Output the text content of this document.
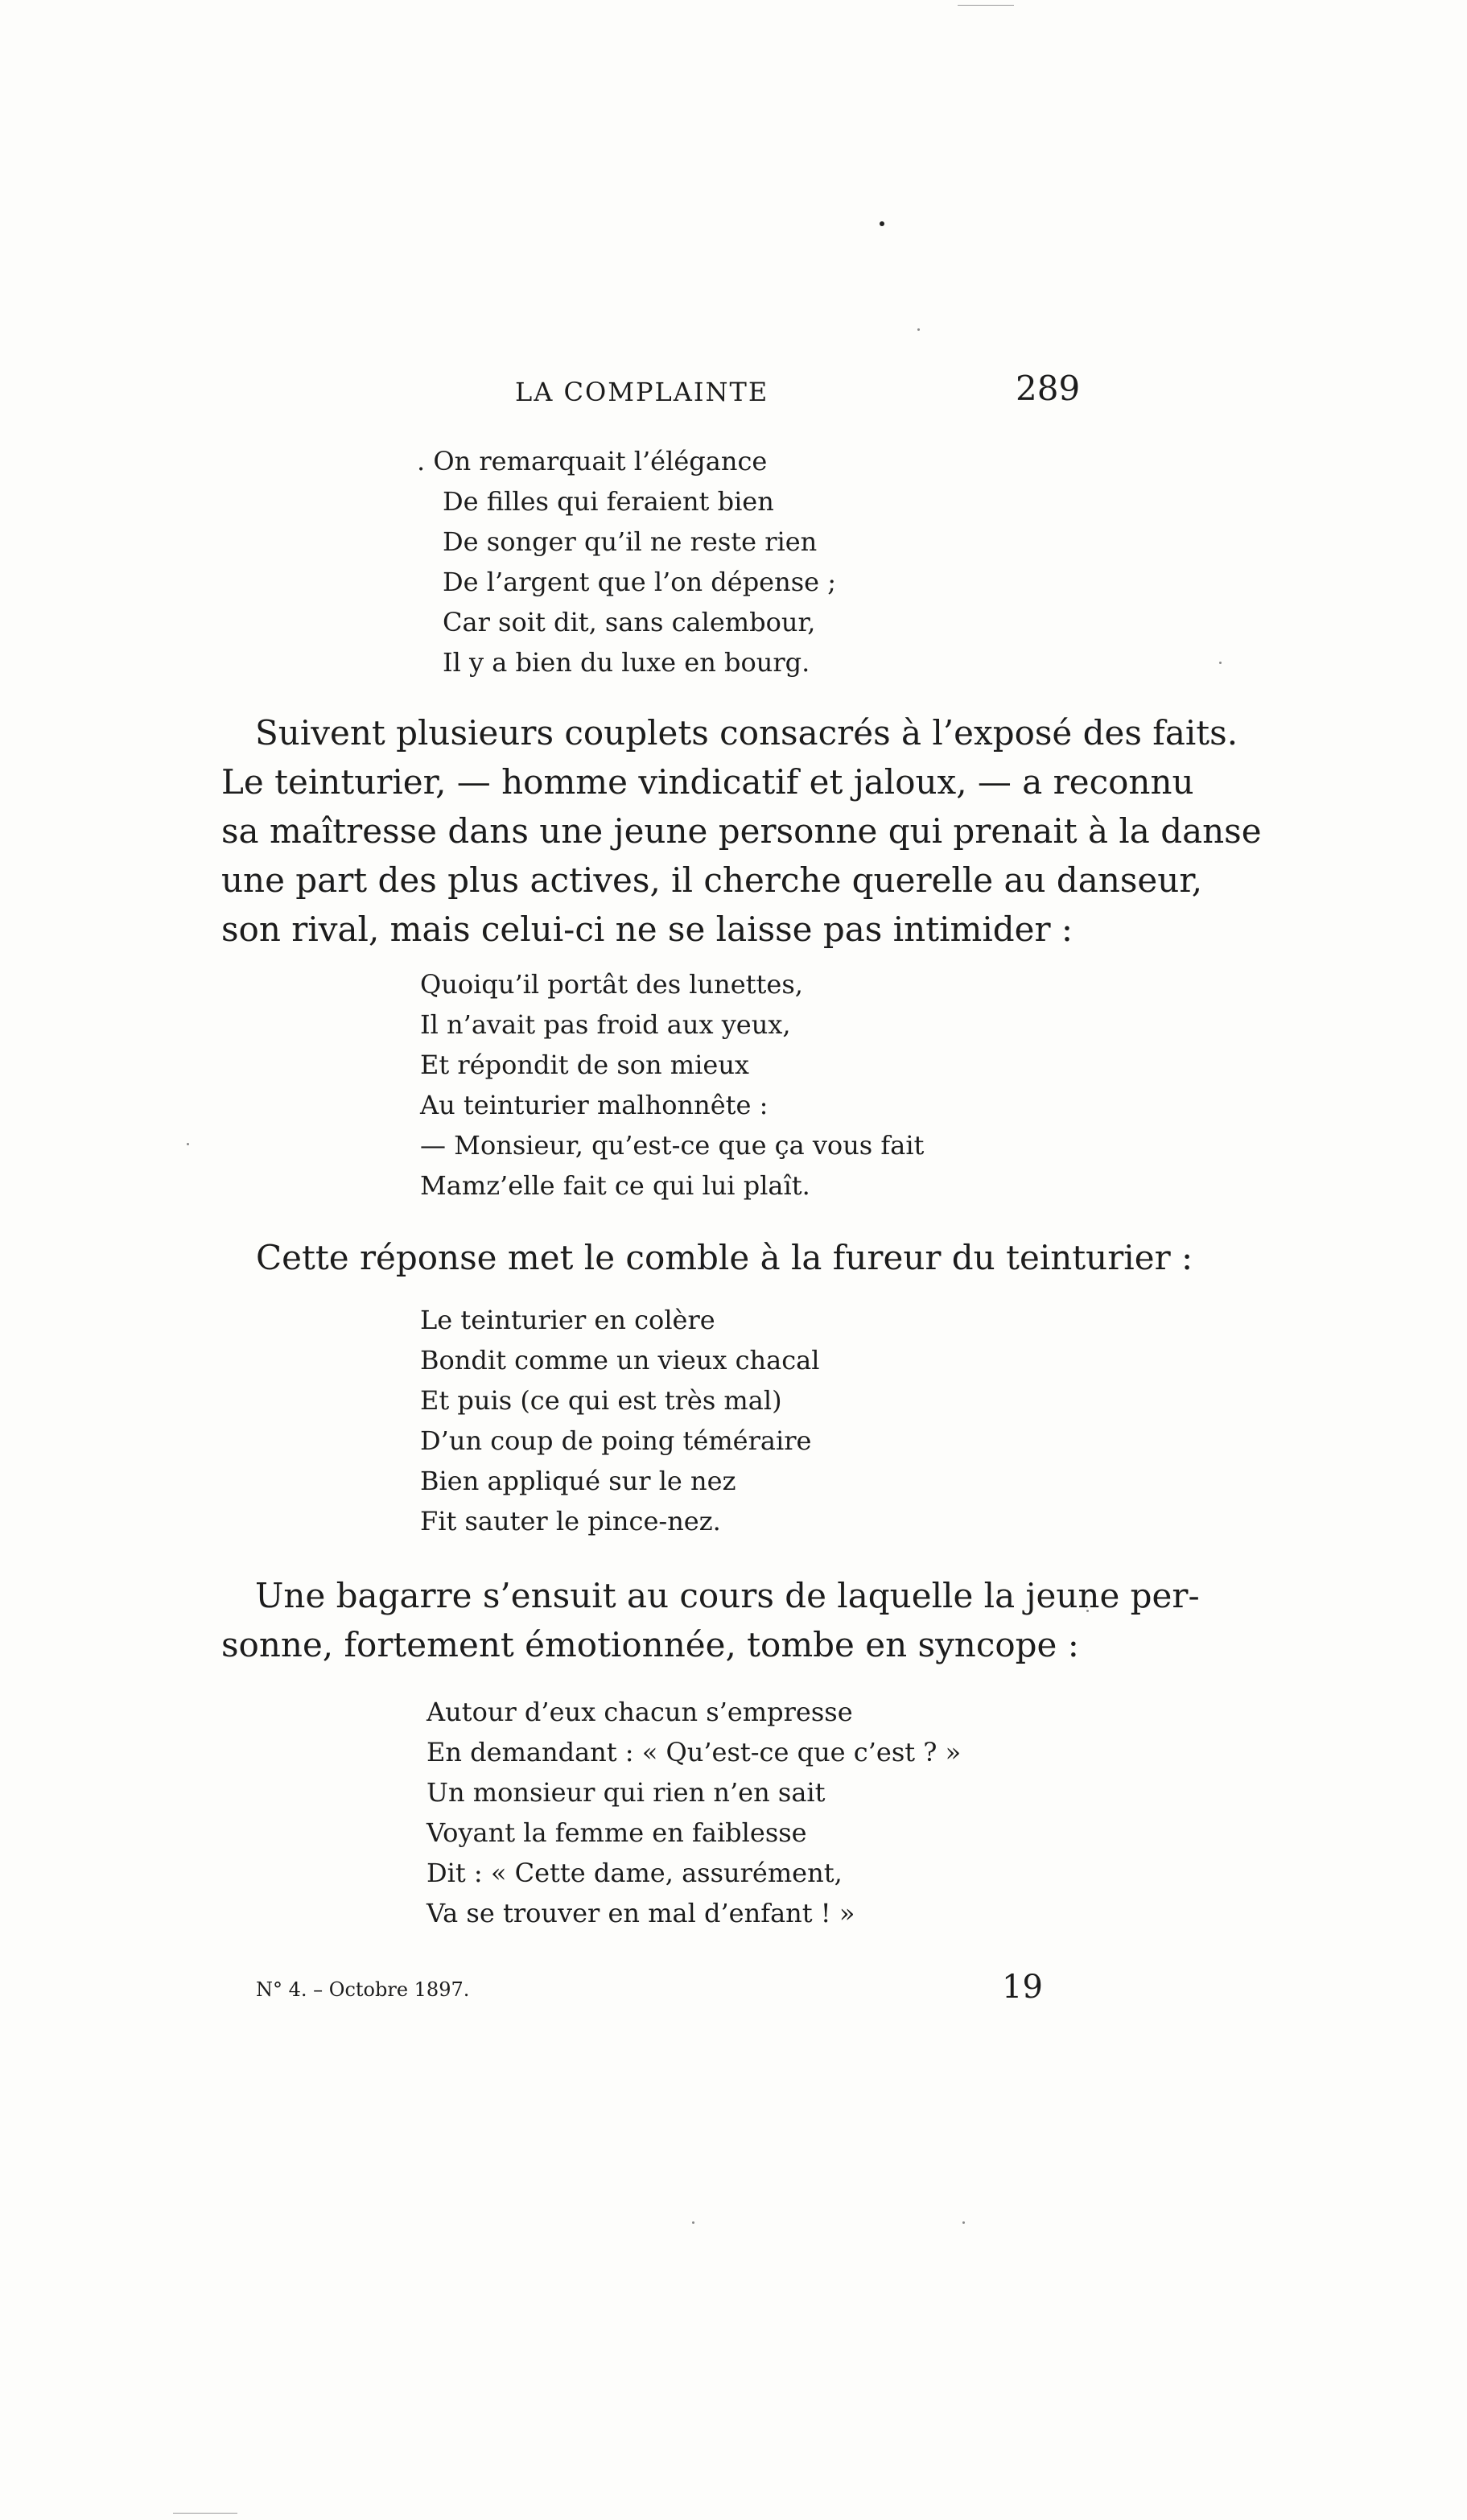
LA COMPLAINTE	289
. On remarquait l’élégance
De filles qui feraient bien
De songer qu’il ne reste rien
De l’argent que l’on dépense ;
Car soit dit, sans calembour,
Il y a bien du luxe en bourg.
Suivent plusieurs couplets consacrés à l’exposé des faits.
Le teinturier, — homme vindicatif et jaloux, — a reconnu
sa maîtresse dans une jeune personne qui prenait à la danse
une part des plus actives, il cherche querelle au danseur,
son rival, mais celui-ci ne se laisse pas intimider :
Quoiqu’il portât des lunettes,
Il n’avait pas froid aux yeux,
Et répondit de son mieux
Au teinturier malhonnête :
— Monsieur, qu’est-ce que ça vous fait
Mamz’elle fait ce qui lui plaît.
Cette réponse met le comble à la fureur du teinturier :
Le teinturier en colère
Bondit comme un vieux chacal
Et puis (ce qui est très mal)
D’un coup de poing téméraire
Bien appliqué sur le nez
Fit sauter le pince-nez.
Une bagarre s’ensuit au cours de laquelle la jeune per-
sonne, fortement émotionnée, tombe en syncope :
Autour d’eux chacun s’empresse
En demandant : « Qu’est-ce que c’est ? »
Un monsieur qui rien n’en sait
Voyant la femme en faiblesse
Dit : « Cette dame, assurément,
Va se trouver en mal d’enfant ! »
N° 4. – Octobre 1897.	19
